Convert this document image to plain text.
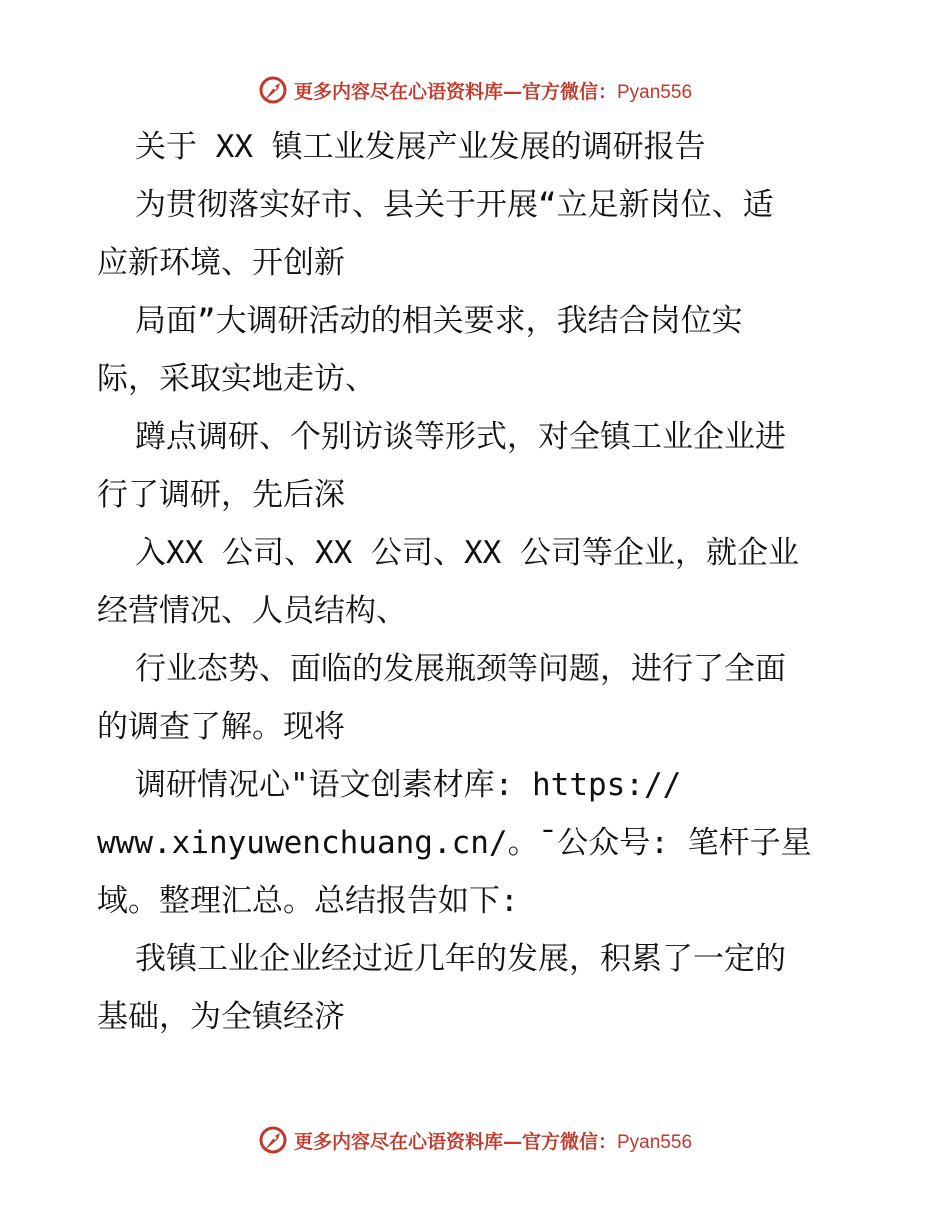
更多内容尽在心语资料库—官方微信：Pyan556
关于 XX 镇工业发展产业发展的调研报告
为贯彻落实好市、县关于开展“立足新岗位、适
应新环境、开创新
局面”大调研活动的相关要求，我结合岗位实
际，采取实地走访、
蹲点调研、个别访谈等形式，对全镇工业企业进
行了调研，先后深
入XX 公司、XX 公司、XX 公司等企业，就企业
经营情况、人员结构、
行业态势、面临的发展瓶颈等问题，进行了全面
的调查了解。现将
调研情况心"语文创素材库: https://
www.xinyuwenchuang.cn/。¯公众号: 笔杆子星
域。整理汇总。总结报告如下:
我镇工业企业经过近几年的发展，积累了一定的
基础，为全镇经济
更多内容尽在心语资料库—官方微信：Pyan556
